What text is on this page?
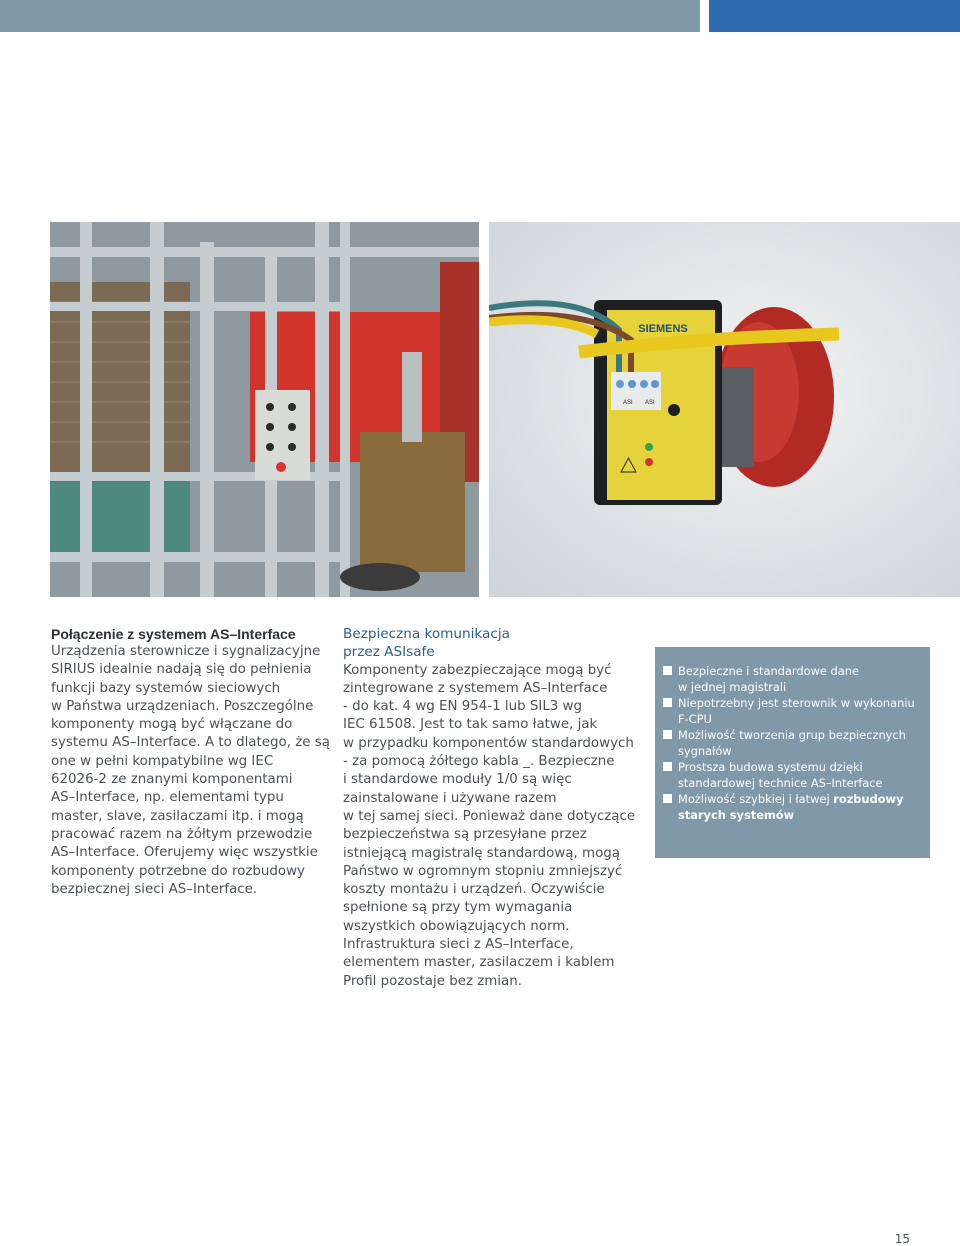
SIEMENS
3SF5402-1AB01
ASI ASI

Połączenie z systemem AS–Interface

Urządzenia sterownicze i sygnalizacyjne
SIRIUS idealnie nadają się do pełnienia
funkcji bazy systemów sieciowych
w Państwa urządzeniach. Poszczególne
komponenty mogą być włączane do
systemu AS–Interface. A to dlatego, że są
one w pełni kompatybilne wg IEC
62026-2 ze znanymi komponentami
AS–Interface, np. elementami typu
master, slave, zasilaczami itp. i mogą
pracować razem na żółtym przewodzie
AS–Interface. Oferujemy więc wszystkie
komponenty potrzebne do rozbudowy
bezpiecznej sieci AS–Interface.

Bezpieczna komunikacja
przez ASIsafe

Komponenty zabezpieczające mogą być
zintegrowane z systemem AS–Interface
- do kat. 4 wg EN 954-1 lub SIL3 wg
IEC 61508. Jest to tak samo łatwe, jak
w przypadku komponentów standardowych
- za pomocą żółtego kabla _. Bezpieczne
i standardowe moduły 1/0 są więc
zainstalowane i używane razem
w tej samej sieci. Ponieważ dane dotyczące
bezpieczeństwa są przesyłane przez
istniejącą magistralę standardową, mogą
Państwo w ogromnym stopniu zmniejszyć
koszty montażu i urządzeń. Oczywiście
spełnione są przy tym wymagania
wszystkich obowiązujących norm.
Infrastruktura sieci z AS–Interface,
elementem master, zasilaczem i kablem
Profil pozostaje bez zmian.

Bezpieczne i standardowe dane
w jednej magistrali
Niepotrzebny jest sterownik w wykonaniu
F-CPU
Możliwość tworzenia grup bezpiecznych
sygnałów
Prostsza budowa systemu dzięki
standardowej technice AS–Interface
Możliwość szybkiej i łatwej rozbudowy
starych systemów
15
